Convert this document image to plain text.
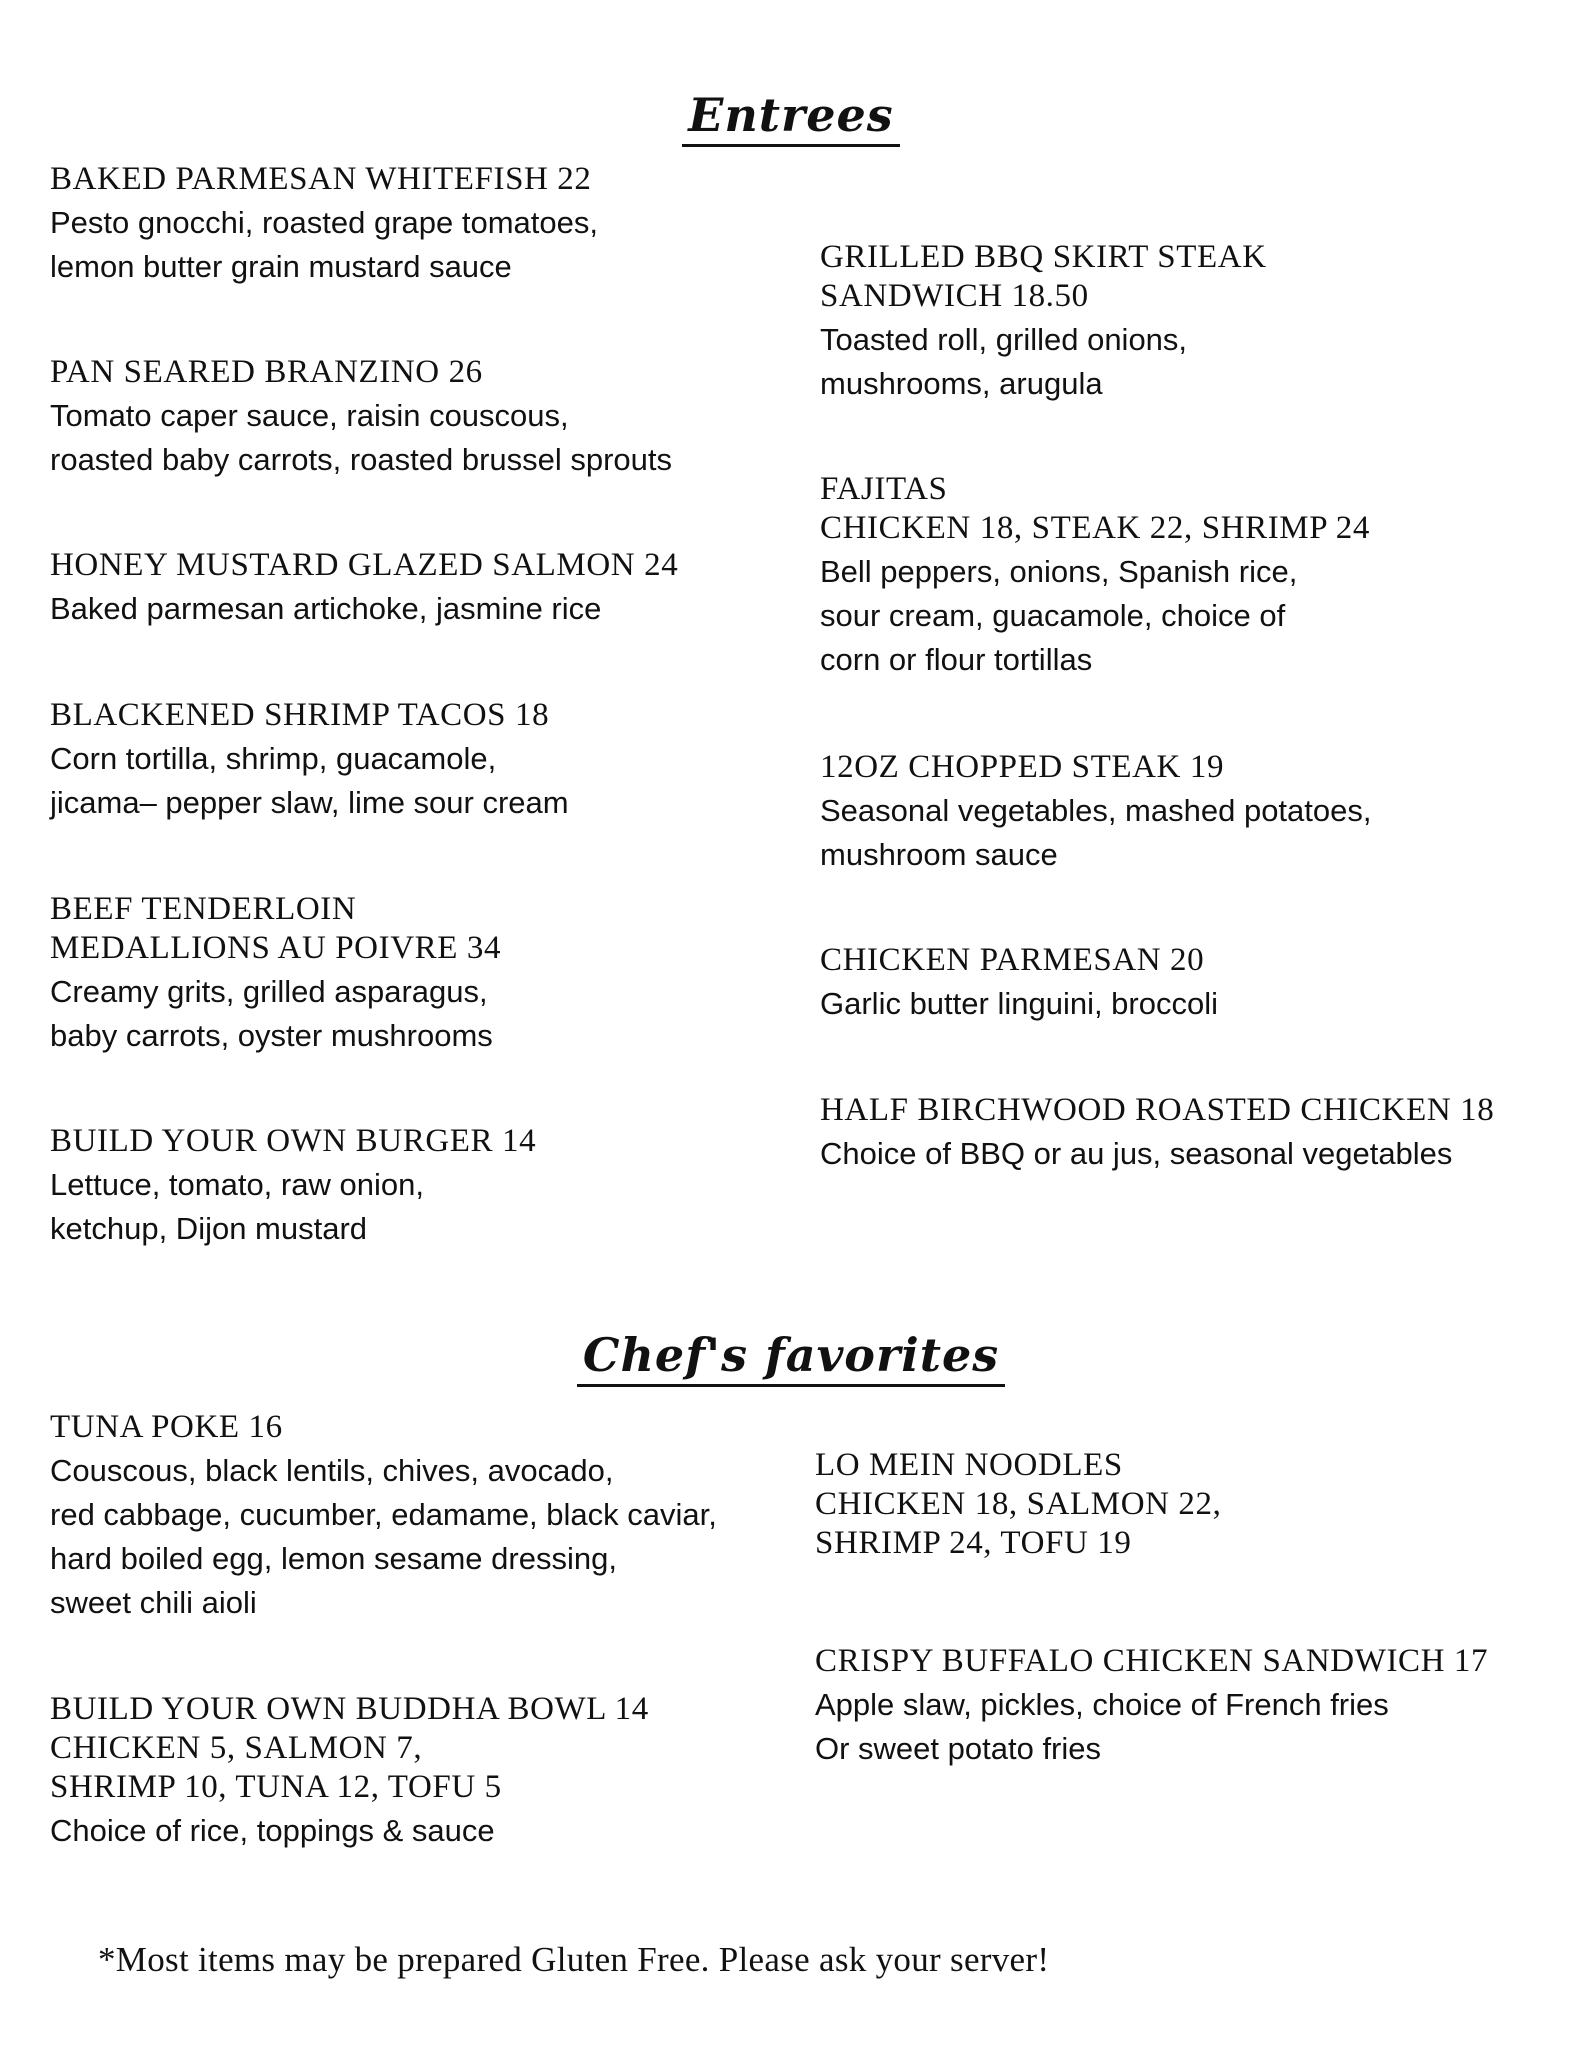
Entrees
BAKED PARMESAN WHITEFISH 22
Pesto gnocchi, roasted grape tomatoes,
lemon butter grain mustard sauce
PAN SEARED BRANZINO 26
Tomato caper sauce, raisin couscous,
roasted baby carrots, roasted brussel sprouts
HONEY MUSTARD GLAZED SALMON 24
Baked parmesan artichoke, jasmine rice
BLACKENED SHRIMP TACOS 18
Corn tortilla, shrimp, guacamole,
jicama– pepper slaw, lime sour cream
BEEF TENDERLOIN
MEDALLIONS AU POIVRE 34
Creamy grits, grilled asparagus,
baby carrots, oyster mushrooms
BUILD YOUR OWN BURGER 14
Lettuce, tomato, raw onion,
ketchup, Dijon mustard
GRILLED BBQ SKIRT STEAK
SANDWICH 18.50
Toasted roll, grilled onions,
mushrooms, arugula
FAJITAS
CHICKEN 18, STEAK 22, SHRIMP 24
Bell peppers, onions, Spanish rice,
sour cream, guacamole, choice of
corn or flour tortillas
12OZ CHOPPED STEAK 19
Seasonal vegetables, mashed potatoes,
mushroom sauce
CHICKEN PARMESAN 20
Garlic butter linguini, broccoli
HALF BIRCHWOOD ROASTED CHICKEN 18
Choice of BBQ or au jus, seasonal vegetables
Chef's favorites
TUNA POKE 16
Couscous, black lentils, chives, avocado,
red cabbage, cucumber, edamame, black caviar,
hard boiled egg, lemon sesame dressing,
sweet chili aioli
BUILD YOUR OWN BUDDHA BOWL 14
CHICKEN 5, SALMON 7,
SHRIMP 10, TUNA 12, TOFU 5
Choice of rice, toppings & sauce
LO MEIN NOODLES
CHICKEN 18, SALMON 22,
SHRIMP 24, TOFU 19
CRISPY BUFFALO CHICKEN SANDWICH 17
Apple slaw, pickles, choice of French fries
Or sweet potato fries
*Most items may be prepared Gluten Free. Please ask your server!
